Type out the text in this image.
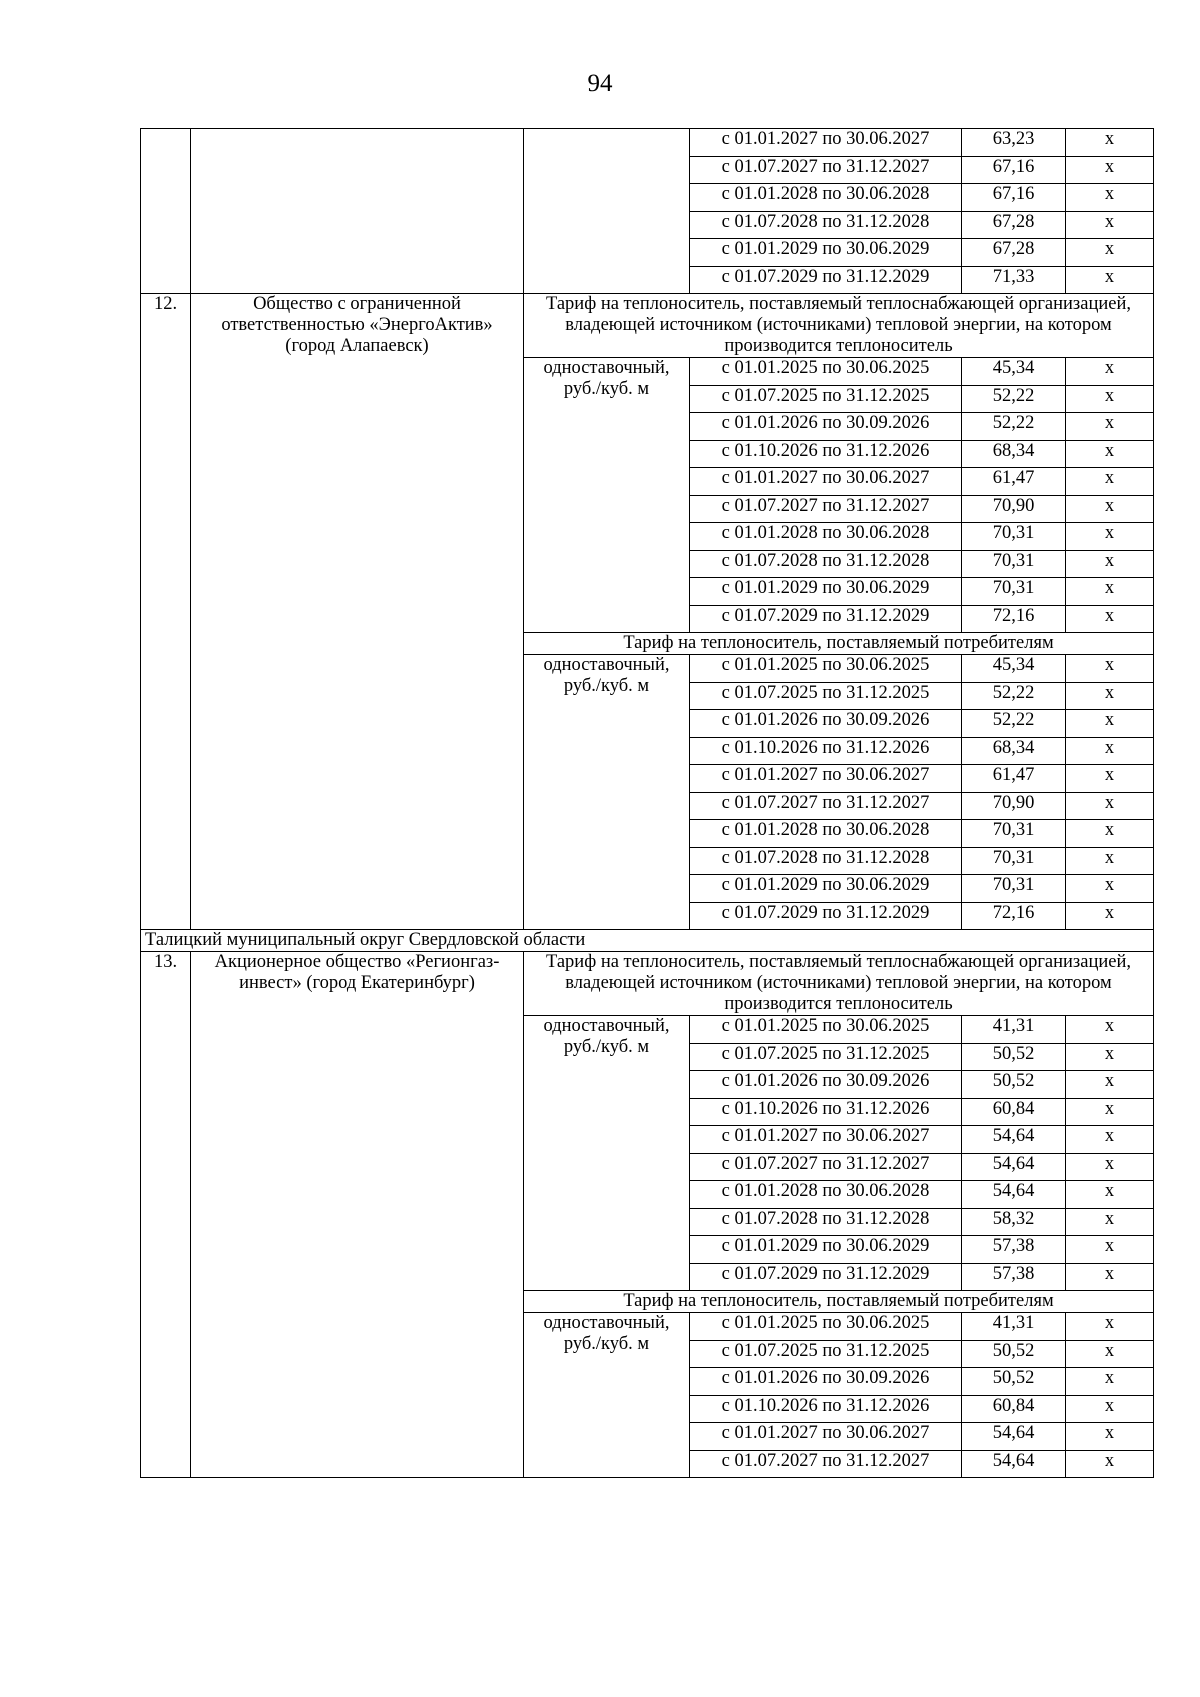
94
			с 01.01.2027 по 30.06.2027	63,23	х
			с 01.07.2027 по 31.12.2027	67,16	х
			с 01.01.2028 по 30.06.2028	67,16	х
			с 01.07.2028 по 31.12.2028	67,28	х
			с 01.01.2029 по 30.06.2029	67,28	х
			с 01.07.2029 по 31.12.2029	71,33	х
12.	Общество с ограниченной ответственностью «ЭнергоАктив» (город Алапаевск)	Тариф на теплоноситель, поставляемый теплоснабжающей организацией, владеющей источником (источниками) тепловой энергии, на котором производится теплоноситель			
		одноставочный, руб./куб. м	с 01.01.2025 по 30.06.2025	45,34	х
			с 01.07.2025 по 31.12.2025	52,22	х
			с 01.01.2026 по 30.09.2026	52,22	х
			с 01.10.2026 по 31.12.2026	68,34	х
			с 01.01.2027 по 30.06.2027	61,47	х
			с 01.07.2027 по 31.12.2027	70,90	х
			с 01.01.2028 по 30.06.2028	70,31	х
			с 01.07.2028 по 31.12.2028	70,31	х
			с 01.01.2029 по 30.06.2029	70,31	х
			с 01.07.2029 по 31.12.2029	72,16	х
		Тариф на теплоноситель, поставляемый потребителям			
		одноставочный, руб./куб. м	с 01.01.2025 по 30.06.2025	45,34	х
			с 01.07.2025 по 31.12.2025	52,22	х
			с 01.01.2026 по 30.09.2026	52,22	х
			с 01.10.2026 по 31.12.2026	68,34	х
			с 01.01.2027 по 30.06.2027	61,47	х
			с 01.07.2027 по 31.12.2027	70,90	х
			с 01.01.2028 по 30.06.2028	70,31	х
			с 01.07.2028 по 31.12.2028	70,31	х
			с 01.01.2029 по 30.06.2029	70,31	х
			с 01.07.2029 по 31.12.2029	72,16	х
Талицкий муниципальный округ Свердловской области					
13.	Акционерное общество «Регионгаз-инвест» (город Екатеринбург)	Тариф на теплоноситель, поставляемый теплоснабжающей организацией, владеющей источником (источниками) тепловой энергии, на котором производится теплоноситель			
		одноставочный, руб./куб. м	с 01.01.2025 по 30.06.2025	41,31	х
			с 01.07.2025 по 31.12.2025	50,52	х
			с 01.01.2026 по 30.09.2026	50,52	х
			с 01.10.2026 по 31.12.2026	60,84	х
			с 01.01.2027 по 30.06.2027	54,64	х
			с 01.07.2027 по 31.12.2027	54,64	х
			с 01.01.2028 по 30.06.2028	54,64	х
			с 01.07.2028 по 31.12.2028	58,32	х
			с 01.01.2029 по 30.06.2029	57,38	х
			с 01.07.2029 по 31.12.2029	57,38	х
		Тариф на теплоноситель, поставляемый потребителям			
		одноставочный, руб./куб. м	с 01.01.2025 по 30.06.2025	41,31	х
			с 01.07.2025 по 31.12.2025	50,52	х
			с 01.01.2026 по 30.09.2026	50,52	х
			с 01.10.2026 по 31.12.2026	60,84	х
			с 01.01.2027 по 30.06.2027	54,64	х
			с 01.07.2027 по 31.12.2027	54,64	х
